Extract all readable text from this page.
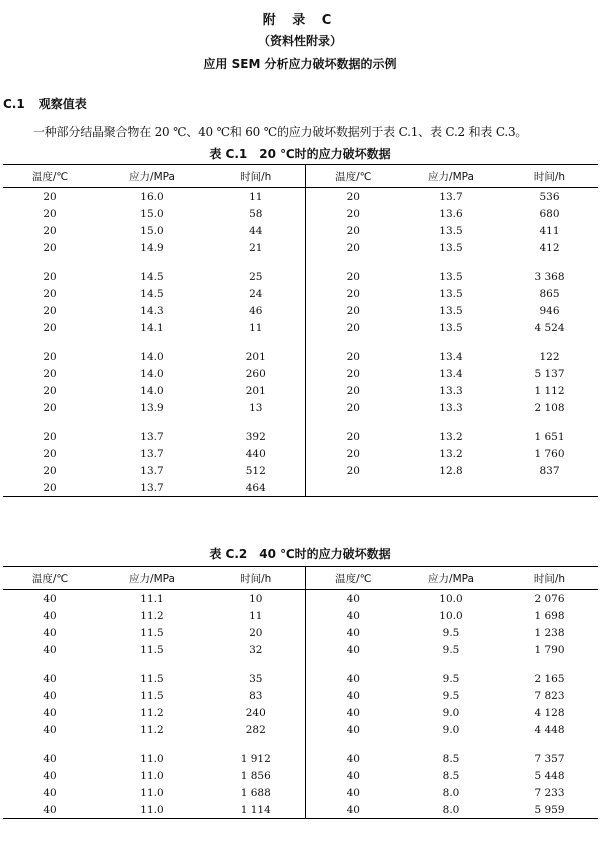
附 录 C
（资料性附录）
应用 SEM 分析应力破坏数据的示例
C.1 观察值表
一种部分结晶聚合物在 20 ℃、40 ℃和 60 ℃的应力破坏数据列于表 C.1、表 C.2 和表 C.3。
表 C.1　20 ℃时的应力破坏数据
温度/℃	应力/MPa	时间/h	温度/℃	应力/MPa	时间/h
20	16.0	11	20	13.7	536
20	15.0	58	20	13.6	680
20	15.0	44	20	13.5	411
20	14.9	21	20	13.5	412

20	14.5	25	20	13.5	3 368
20	14.5	24	20	13.5	865
20	14.3	46	20	13.5	946
20	14.1	11	20	13.5	4 524

20	14.0	201	20	13.4	122
20	14.0	260	20	13.4	5 137
20	14.0	201	20	13.3	1 112
20	13.9	13	20	13.3	2 108

20	13.7	392	20	13.2	1 651
20	13.7	440	20	13.2	1 760
20	13.7	512	20	12.8	837
20	13.7	464			
表 C.2　40 ℃时的应力破坏数据
温度/℃	应力/MPa	时间/h	温度/℃	应力/MPa	时间/h
40	11.1	10	40	10.0	2 076
40	11.2	11	40	10.0	1 698
40	11.5	20	40	9.5	1 238
40	11.5	32	40	9.5	1 790

40	11.5	35	40	9.5	2 165
40	11.5	83	40	9.5	7 823
40	11.2	240	40	9.0	4 128
40	11.2	282	40	9.0	4 448

40	11.0	1 912	40	8.5	7 357
40	11.0	1 856	40	8.5	5 448
40	11.0	1 688	40	8.0	7 233
40	11.0	1 114	40	8.0	5 959
